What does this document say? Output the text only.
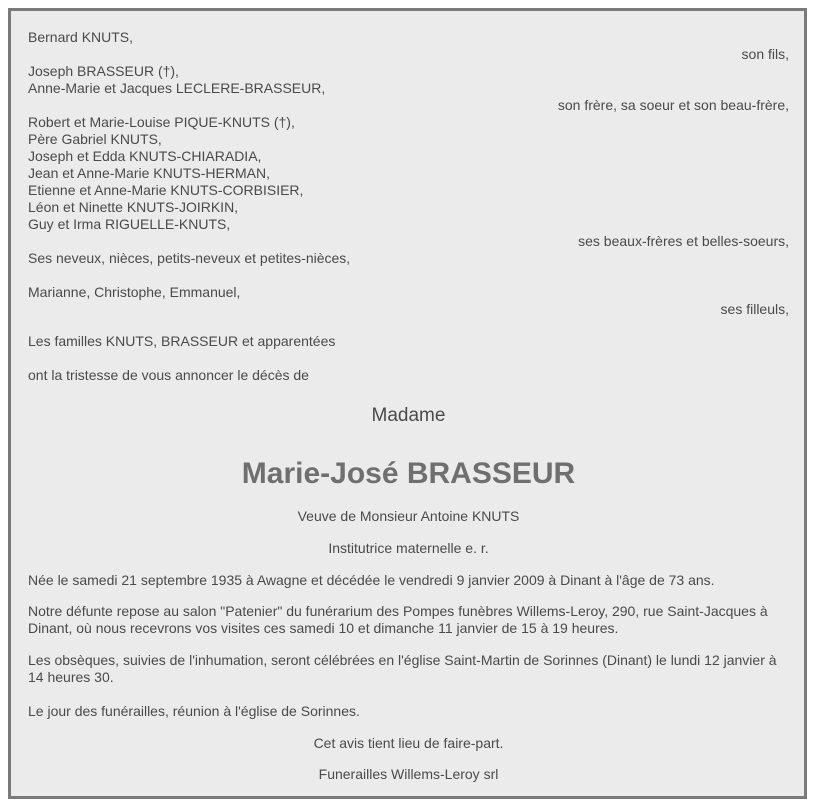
Bernard KNUTS,
son fils,
Joseph BRASSEUR (†),
Anne-Marie et Jacques LECLERE-BRASSEUR,
son frère, sa soeur et son beau-frère,
Robert et Marie-Louise PIQUE-KNUTS (†),
Père Gabriel KNUTS,
Joseph et Edda KNUTS-CHIARADIA,
Jean et Anne-Marie KNUTS-HERMAN,
Etienne et Anne-Marie KNUTS-CORBISIER,
Léon et Ninette KNUTS-JOIRKIN,
Guy et Irma RIGUELLE-KNUTS,
ses beaux-frères et belles-soeurs,
Ses neveux, nièces, petits-neveux et petites-nièces,
Marianne, Christophe, Emmanuel,
ses filleuls,
Les familles KNUTS, BRASSEUR et apparentées
ont la tristesse de vous annoncer le décès de
Madame
Marie-José BRASSEUR
Veuve de Monsieur Antoine KNUTS
Institutrice maternelle e. r.
Née le samedi 21 septembre 1935 à Awagne et décédée le vendredi 9 janvier 2009 à Dinant à l'âge de 73 ans.
Notre défunte repose au salon "Patenier" du funérarium des Pompes funèbres Willems-Leroy, 290, rue Saint-Jacques à Dinant, où nous recevrons vos visites ces samedi 10 et dimanche 11 janvier de 15 à 19 heures.
Les obsèques, suivies de l'inhumation, seront célébrées en l'église Saint-Martin de Sorinnes (Dinant) le lundi 12 janvier à 14 heures 30.
Le jour des funérailles, réunion à l'église de Sorinnes.
Cet avis tient lieu de faire-part.
Funerailles Willems-Leroy srl
